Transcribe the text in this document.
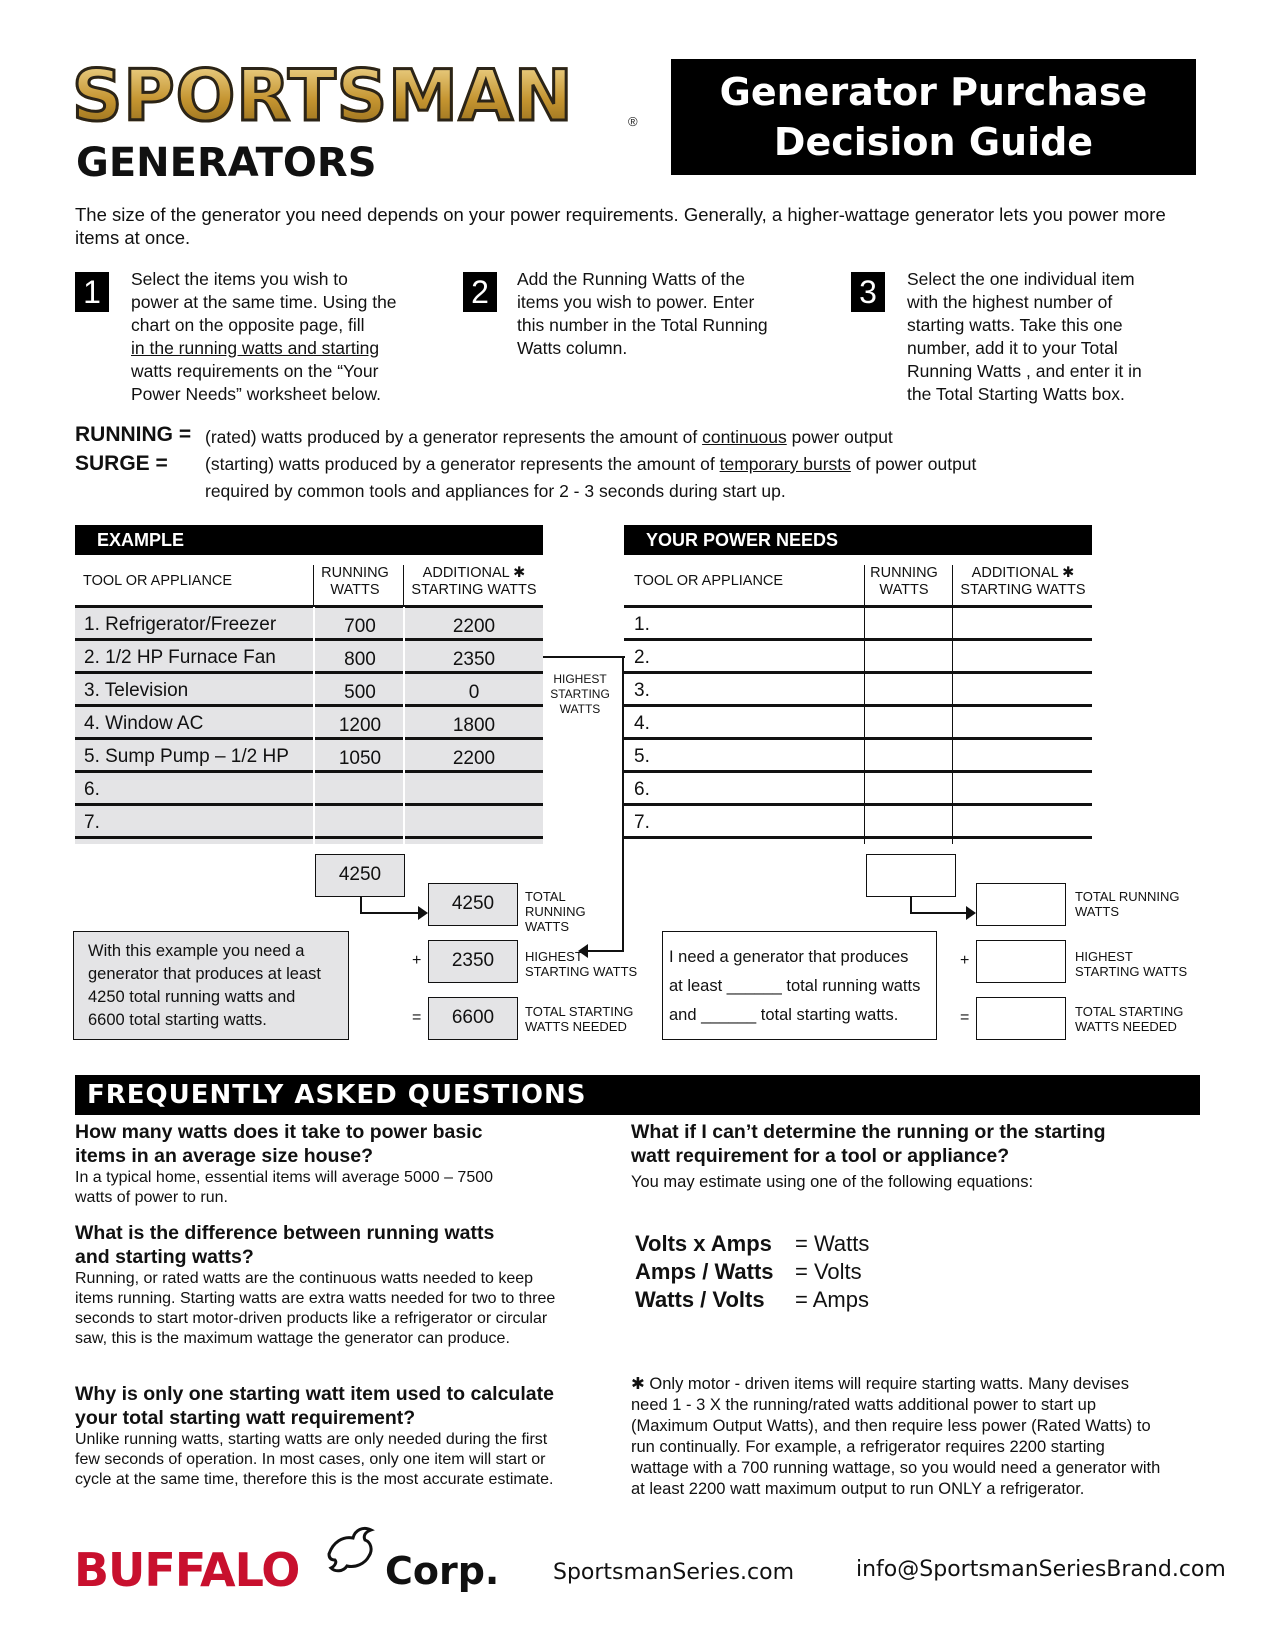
SPORTSMAN	®
GENERATORS
Generator Purchase
Decision Guide
The size of the generator you need depends on your power requirements. Generally, a higher-wattage generator lets you power more items at once.
1	Select the items you wish to
power at the same time. Using the
chart on the opposite page, fill
in the running watts and starting
watts requirements on the “Your
Power Needs” worksheet below.
2	Add the Running Watts of the
items you wish to power. Enter
this number in the Total Running
Watts column.
3	Select the one individual item
with the highest number of
starting watts. Take this one
number, add it to your Total
Running Watts , and enter it in
the Total Starting Watts box.
RUNNING = (rated) watts produced by a generator represents the amount of continuous power output
SURGE = (starting) watts produced by a generator represents the amount of temporary bursts of power output
required by common tools and appliances for 2 - 3 seconds during start up.
EXAMPLE
TOOL OR APPLIANCE	RUNNING
WATTS
ADDITIONAL ✱
STARTING WATTS
1. Refrigerator/Freezer	700	2200
2. 1/2 HP Furnace Fan	800	2350
3. Television	500	0
4. Window AC	1200	1800
5. Sump Pump – 1/2 HP	1050	2200
6.
7.
HIGHEST
STARTING
WATTS
4250
4250
2350
6600
+
=
TOTAL
RUNNING
WATTS
HIGHEST
STARTING WATTS
TOTAL STARTING
WATTS NEEDED
With this example you need a
generator that produces at least
4250 total running watts and
6600 total starting watts.
YOUR POWER NEEDS
TOOL OR APPLIANCE	RUNNING
WATTS
ADDITIONAL ✱
STARTING WATTS
1.
2.
3.
4.
5.
6.
7.
+
=
TOTAL RUNNING
WATTS
HIGHEST
STARTING WATTS
TOTAL STARTING
WATTS NEEDED
I need a generator that produces
at least ______ total running watts
and ______ total starting watts.
FREQUENTLY ASKED QUESTIONS
How many watts does it take to power basic
items in an average size house?
In a typical home, essential items will average 5000 – 7500
watts of power to run.
What is the difference between running watts
and starting watts?
Running, or rated watts are the continuous watts needed to keep
items running. Starting watts are extra watts needed for two to three
seconds to start motor-driven products like a refrigerator or circular
saw, this is the maximum wattage the generator can produce.
Why is only one starting watt item used to calculate
your total starting watt requirement?
Unlike running watts, starting watts are only needed during the first
few seconds of operation. In most cases, only one item will start or
cycle at the same time, therefore this is the most accurate estimate.
What if I can’t determine the running or the starting
watt requirement for a tool or appliance?
You may estimate using one of the following equations:
Volts x Amps = Watts
Amps / Watts = Volts
Watts / Volts = Amps
✱ Only motor - driven items will require starting watts. Many devises
need 1 - 3 X the running/rated watts additional power to start up
(Maximum Output Watts), and then require less power (Rated Watts) to
run continually. For example, a refrigerator requires 2200 starting
wattage with a 700 running wattage, so you would need a generator with
at least 2200 watt maximum output to run ONLY a refrigerator.
BUFFALO Corp. SportsmanSeries.com	info@SportsmanSeriesBrand.com
